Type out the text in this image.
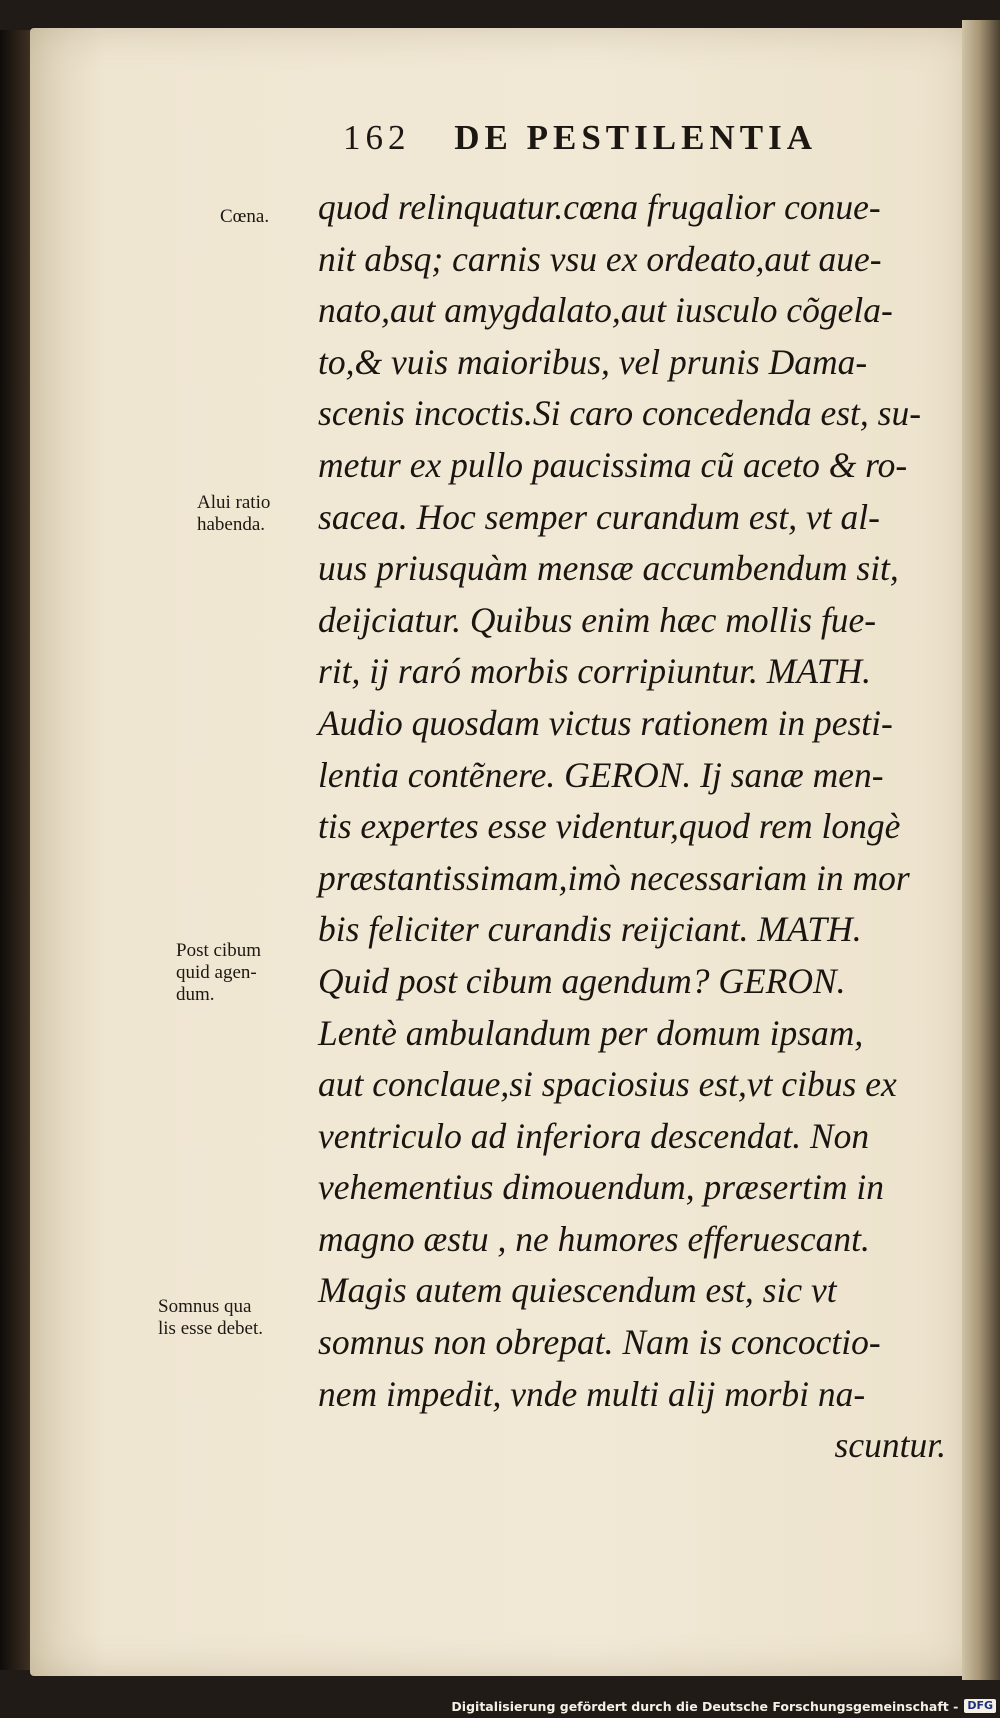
162 DE PESTILENTIA
quod relinquatur.cœna frugalior conue-
nit absq; carnis vsu ex ordeato,aut aue-
nato,aut amygdalato,aut iusculo cõgela-
to,& vuis maioribus, vel prunis Dama-
scenis incoctis.Si caro concedenda est, su-
metur ex pullo paucissima cũ aceto & ro-
sacea. Hoc semper curandum est, vt al-
uus priusquàm mensæ accumbendum sit,
deijciatur. Quibus enim hæc mollis fue-
rit, ij raró morbis corripiuntur. MATH.
Audio quosdam victus rationem in pesti-
lentia contẽnere. GERON. Ij sanæ men-
tis expertes esse videntur,quod rem longè
præstantissimam,imò necessariam in mor
bis feliciter curandis reijciant. MATH.
Quid post cibum agendum? GERON.
Lentè ambulandum per domum ipsam,
aut conclaue,si spaciosius est,vt cibus ex
ventriculo ad inferiora descendat. Non
vehementius dimouendum, præsertim in
magno æstu , ne humores efferuescant.
Magis autem quiescendum est, sic vt
somnus non obrepat. Nam is concoctio-
nem impedit, vnde multi alij morbi na-
scuntur.
Cœna.
Alui ratio
habenda.
Post cibum
quid agen-
dum.
Somnus qua
lis esse debet.
Digitalisierung gefördert durch die Deutsche Forschungsgemeinschaft - DFG
